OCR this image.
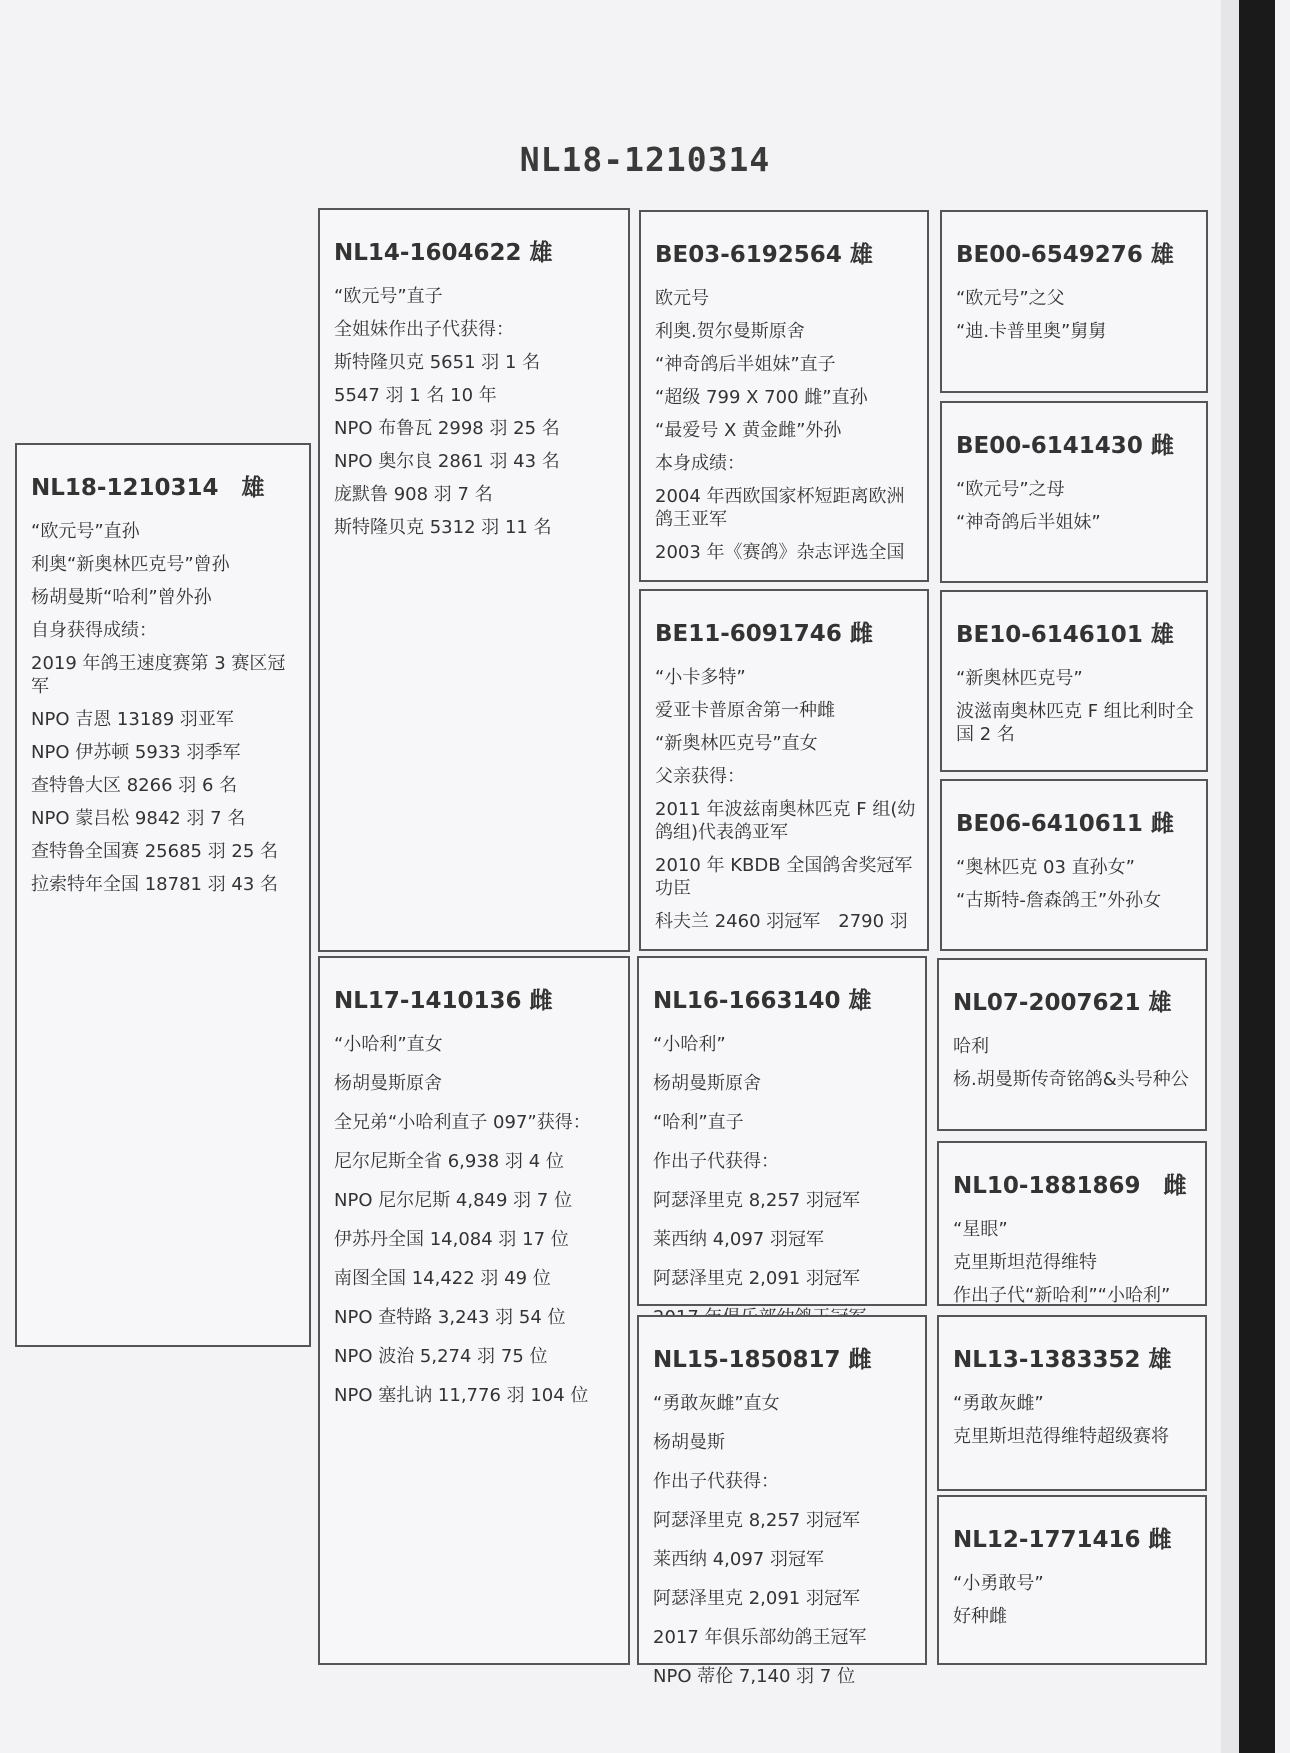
NL18-1210314
NL18-1210314　雄
“欧元号”直孙
利奥“新奥林匹克号”曾孙
杨胡曼斯“哈利”曾外孙
自身获得成绩：
2019 年鸽王速度赛第 3 赛区冠军
NPO 吉恩 13189 羽亚军
NPO 伊苏顿 5933 羽季军
查特鲁大区 8266 羽 6 名
NPO 蒙吕松 9842 羽 7 名
查特鲁全国赛 25685 羽 25 名
拉索特年全国 18781 羽 43 名
NL14-1604622 雄
“欧元号”直子
全姐妹作出子代获得：
斯特隆贝克 5651 羽 1 名
5547 羽 1 名 10 年
NPO 布鲁瓦 2998 羽 25 名
NPO 奥尔良 2861 羽 43 名
庞默鲁 908 羽 7 名
斯特隆贝克 5312 羽 11 名
NL17-1410136 雌
“小哈利”直女
杨胡曼斯原舍
全兄弟“小哈利直子 097”获得：
尼尔尼斯全省 6,938 羽 4 位
NPO 尼尔尼斯 4,849 羽 7 位
伊苏丹全国 14,084 羽 17 位
南图全国 14,422 羽 49 位
NPO 查特路 3,243 羽 54 位
NPO 波治 5,274 羽 75 位
NPO 塞扎讷 11,776 羽 104 位
BE03-6192564 雄
欧元号
利奥.贺尔曼斯原舍
“神奇鸽后半姐妹”直子
“超级 799 X 700 雌”直孙
“最爱号 X 黄金雌”外孙
本身成绩：
2004 年西欧国家杯短距离欧洲鸽王亚军
2003 年《赛鸽》杂志评选全国
BE11-6091746 雌
“小卡多特”
爱亚卡普原舍第一种雌
“新奥林匹克号”直女
父亲获得：
2011 年波兹南奥林匹克 F 组(幼鸽组)代表鸽亚军
2010 年 KBDB 全国鸽舍奖冠军功臣
科夫兰 2460 羽冠军　2790 羽
NL16-1663140 雄
“小哈利”
杨胡曼斯原舍
“哈利”直子
作出子代获得：
阿瑟泽里克 8,257 羽冠军
莱西纳 4,097 羽冠军
阿瑟泽里克 2,091 羽冠军
NL15-1850817 雌
“勇敢灰雌”直女
杨胡曼斯
作出子代获得：
阿瑟泽里克 8,257 羽冠军
莱西纳 4,097 羽冠军
阿瑟泽里克 2,091 羽冠军
2017 年俱乐部幼鸽王冠军
NPO 蒂伦 7,140 羽 7 位
BE00-6549276 雄
“欧元号”之父
“迪.卡普里奥”舅舅
BE00-6141430 雌
“欧元号”之母
“神奇鸽后半姐妹”
BE10-6146101 雄
“新奥林匹克号”
波滋南奥林匹克 F 组比利时全国 2 名
BE06-6410611 雌
“奥林匹克 03 直孙女”
“古斯特-詹森鸽王”外孙女
NL07-2007621 雄
哈利
杨.胡曼斯传奇铭鸽&头号种公
NL10-1881869　雌
“星眼”
克里斯坦范得维特
作出子代“新哈利”“小哈利”
NL13-1383352 雄
“勇敢灰雌”
克里斯坦范得维特超级赛将
NL12-1771416 雌
“小勇敢号”
好种雌
